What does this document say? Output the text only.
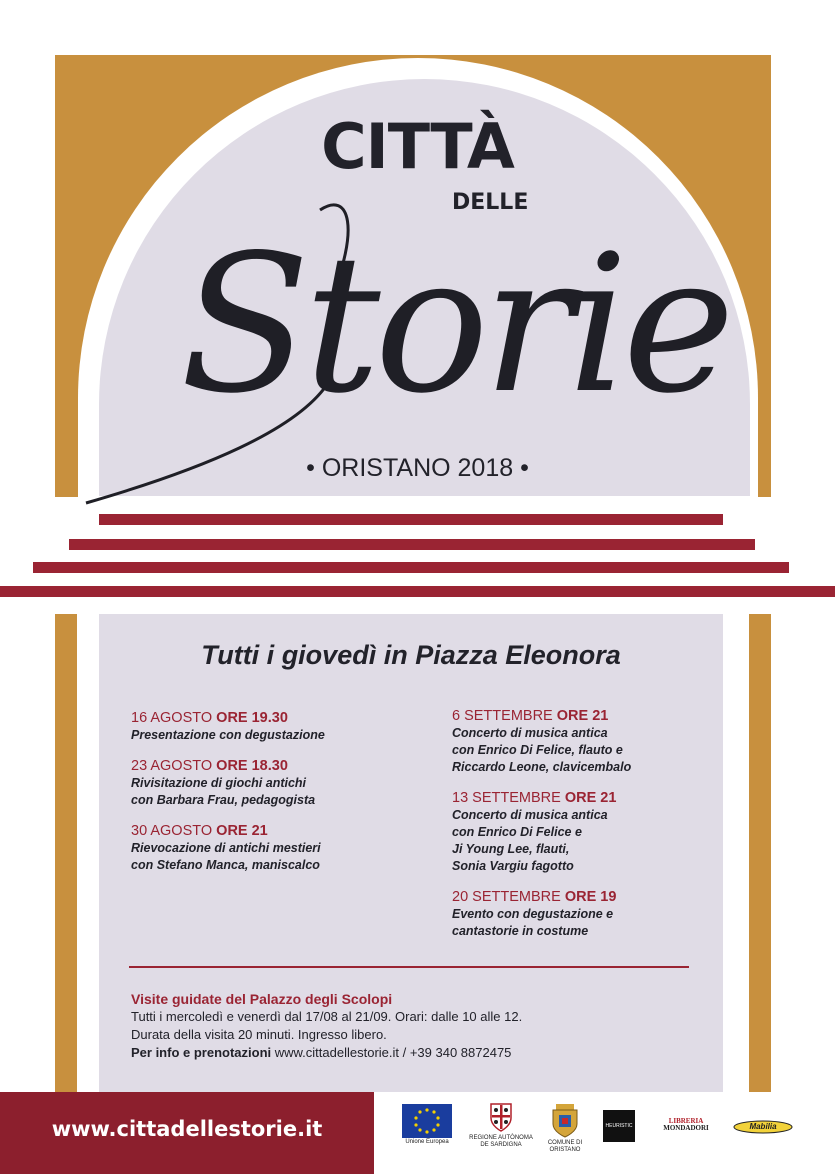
CITTÀ
DELLE
Storie
• ORISTANO 2018 •
Tutti i giovedì in Piazza Eleonora
16 AGOSTO ORE 19.30
Presentazione con degustazione
23 AGOSTO ORE 18.30
Rivisitazione di giochi antichi
con Barbara Frau, pedagogista
30 AGOSTO ORE 21
Rievocazione di antichi mestieri
con Stefano Manca, maniscalco
6 SETTEMBRE ORE 21
Concerto di musica antica
con Enrico Di Felice, flauto e
Riccardo Leone, clavicembalo
13 SETTEMBRE ORE 21
Concerto di musica antica
con Enrico Di Felice e
Ji Young Lee, flauti,
Sonia Vargiu fagotto
20 SETTEMBRE ORE 19
Evento con degustazione e
cantastorie in costume
Visite guidate del Palazzo degli Scolopi
Tutti i mercoledì e venerdì dal 17/08 al 21/09. Orari: dalle 10 alle 12.
Durata della visita 20 minuti. Ingresso libero.
Per info e prenotazioni www.cittadellestorie.it / +39 340 8872475
www.cittadellestorie.it
Unione Europea
REGIONE AUTÒNOMA
DE SARDIGNA	COMUNE DI
ORISTANO
HEURISTIC
LIBRERIA
MONDADORI	Mabilia
